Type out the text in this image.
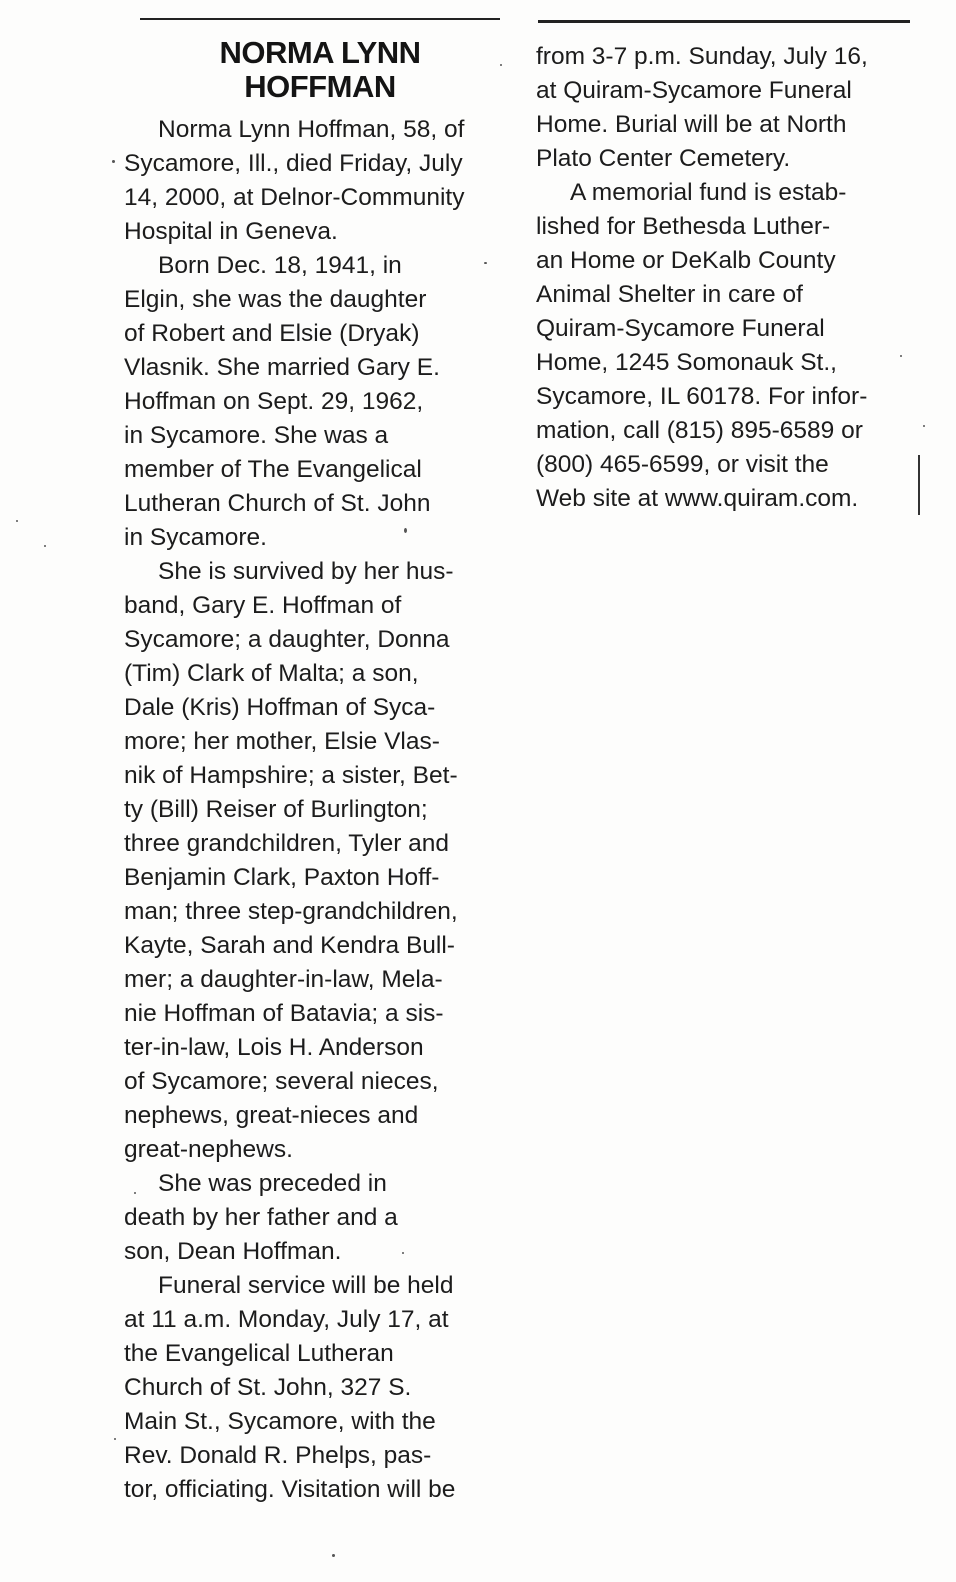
NORMA LYNN
HOFFMAN
Norma Lynn Hoffman, 58, of
Sycamore, Ill., died Friday, July
14, 2000, at Delnor-Community
Hospital in Geneva.
Born Dec. 18, 1941, in
Elgin, she was the daughter
of Robert and Elsie (Dryak)
Vlasnik. She married Gary E.
Hoffman on Sept. 29, 1962,
in Sycamore. She was a
member of The Evangelical
Lutheran Church of St. John
in Sycamore.
She is survived by her hus-
band, Gary E. Hoffman of
Sycamore; a daughter, Donna
(Tim) Clark of Malta; a son,
Dale (Kris) Hoffman of Syca-
more; her mother, Elsie Vlas-
nik of Hampshire; a sister, Bet-
ty (Bill) Reiser of Burlington;
three grandchildren, Tyler and
Benjamin Clark, Paxton Hoff-
man; three step-grandchildren,
Kayte, Sarah and Kendra Bull-
mer; a daughter-in-law, Mela-
nie Hoffman of Batavia; a sis-
ter-in-law, Lois H. Anderson
of Sycamore; several nieces,
nephews, great-nieces and
great-nephews.
She was preceded in
death by her father and a
son, Dean Hoffman.
Funeral service will be held
at 11 a.m. Monday, July 17, at
the Evangelical Lutheran
Church of St. John, 327 S.
Main St., Sycamore, with the
Rev. Donald R. Phelps, pas-
tor, officiating. Visitation will be
from 3-7 p.m. Sunday, July 16,
at Quiram-Sycamore Funeral
Home. Burial will be at North
Plato Center Cemetery.
A memorial fund is estab-
lished for Bethesda Luther-
an Home or DeKalb County
Animal Shelter in care of
Quiram-Sycamore Funeral
Home, 1245 Somonauk St.,
Sycamore, IL 60178. For infor-
mation, call (815) 895-6589 or
(800) 465-6599, or visit the
Web site at www.quiram.com.
